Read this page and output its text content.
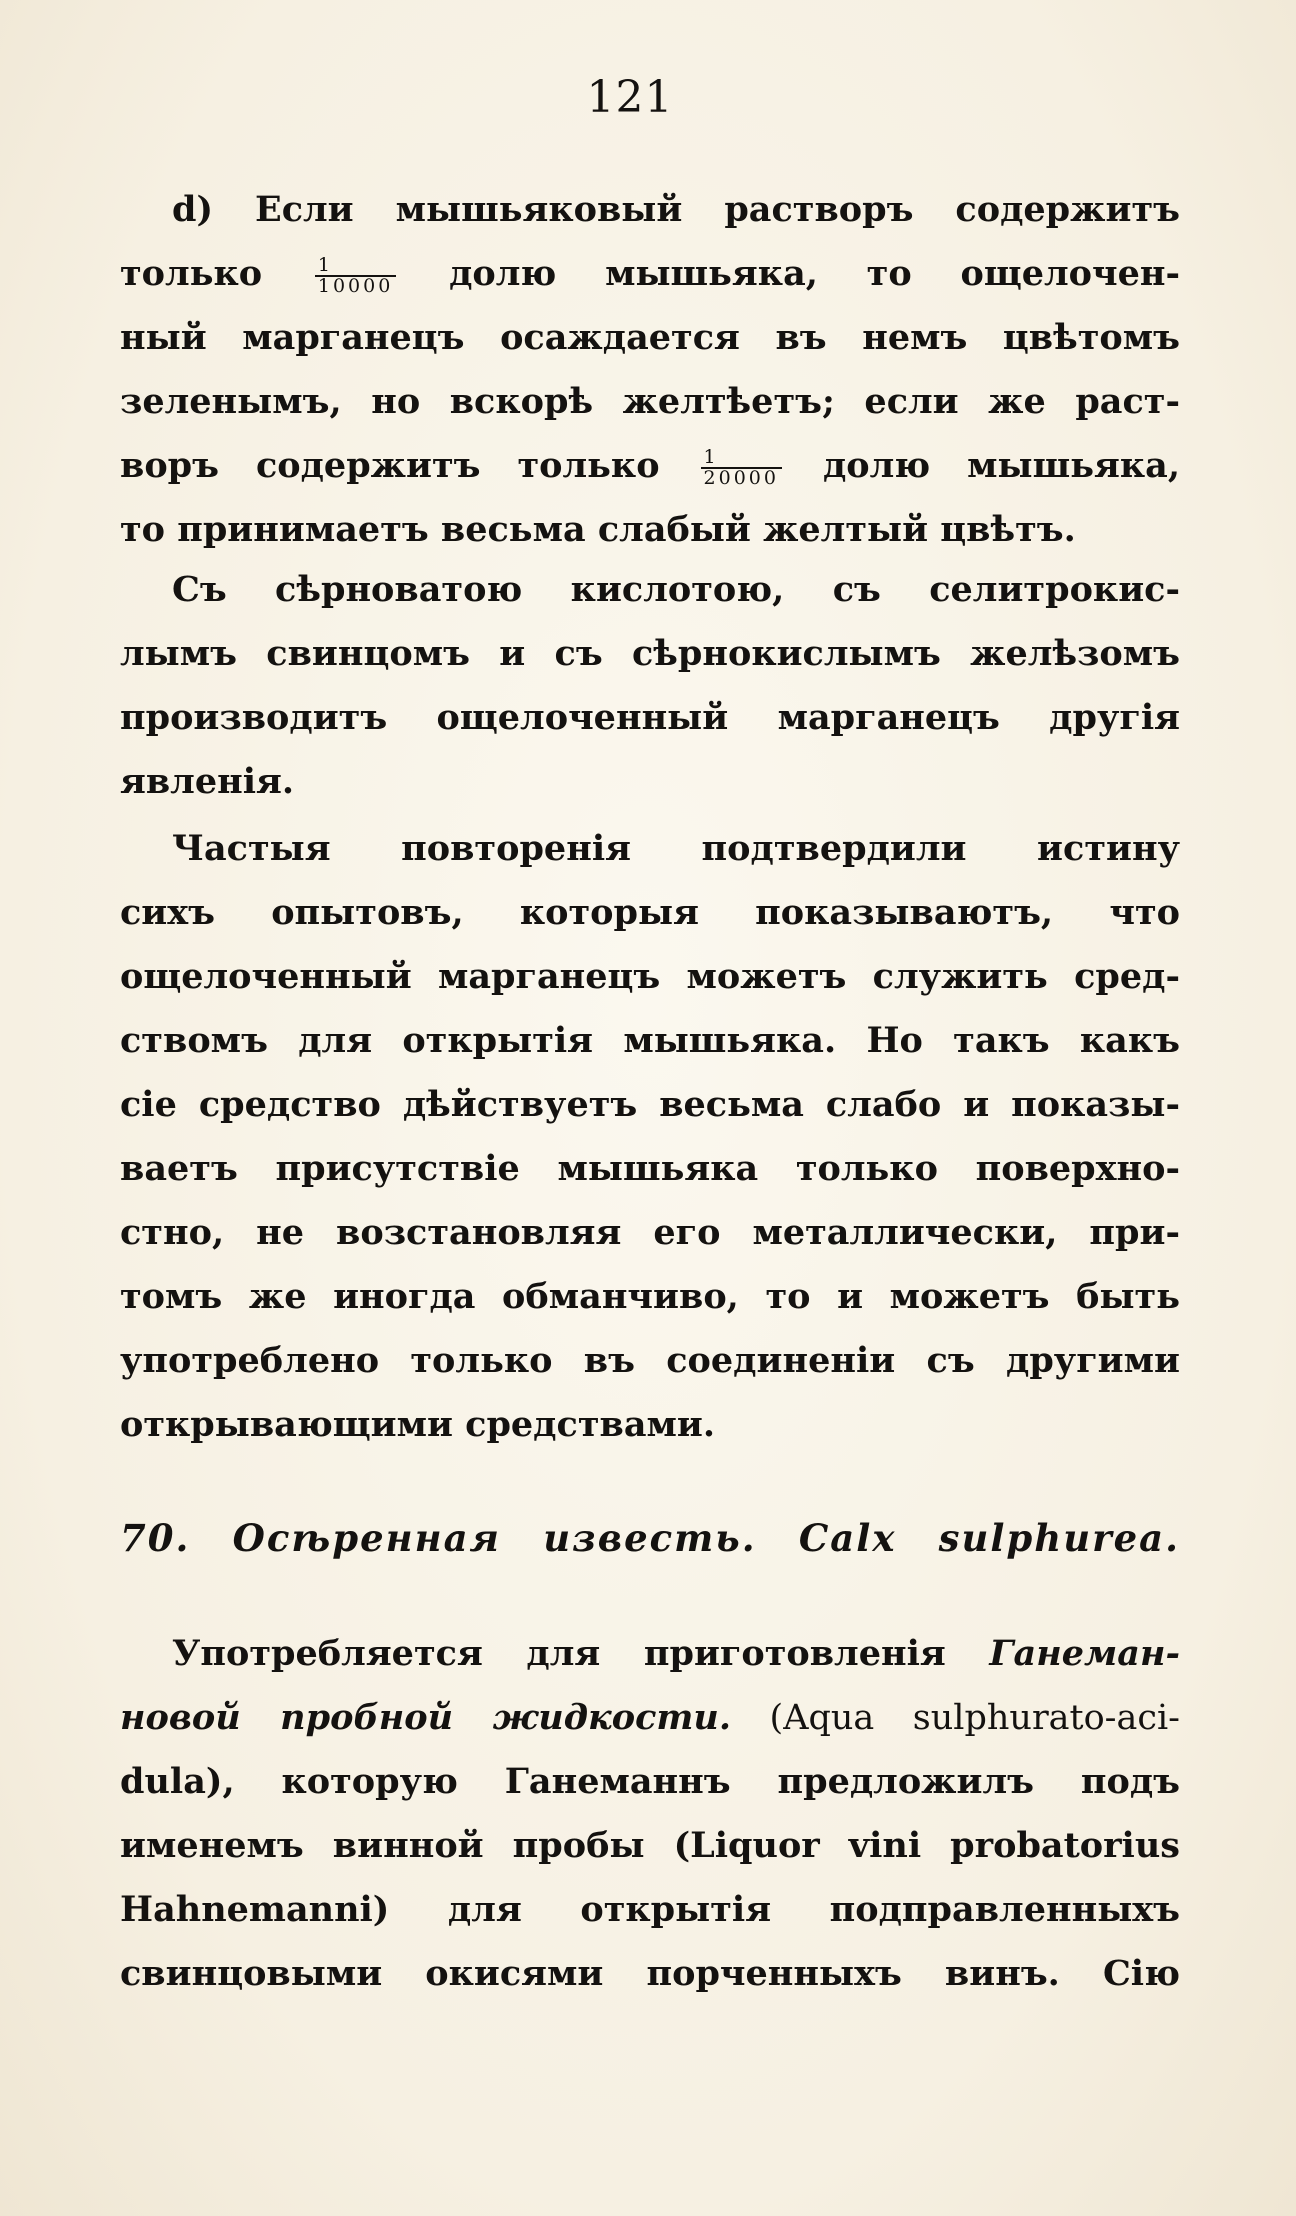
121
d) Если мышьяковый растворъ содержитъ
только	$\frac{1}{10000}$ долю мышьяка, то ощелочен-
ный марганецъ осаждается въ немъ цвѣтомъ
зеленымъ, но вскорѣ желтѣетъ; если же раст-
воръ содержитъ только $\frac{1}{20000}$ долю мышьяка,
то принимаетъ весьма слабый желтый цвѣтъ.
Съ сѣрноватою кислотою, съ селитрокис-
лымъ свинцомъ и съ сѣрнокислымъ желѣзомъ
производитъ ощелоченный марганецъ другія
явленія.
Частыя повторенія подтвердили истину
сихъ опытовъ, которыя показываютъ, что
ощелоченный марганецъ можетъ служить сред-
ствомъ для открытія мышьяка. Но такъ какъ
сіе средство дѣйствуетъ весьма слабо и показы-
ваетъ присутствіе мышьяка только поверхно-
стно, не возстановляя его металлически, при-
томъ же иногда обманчиво, то и можетъ быть
употреблено только въ соединеніи съ другими
открывающими средствами.
70. Осѣренная известь. Calx sulphurea.
Употребляется для приготовленія Ганеман-
новой пробной жидкости. (Aqua sulphurato-aci-
dula), которую Ганеманнъ предложилъ подъ
именемъ винной пробы (Liquor vini probatorius
Hahnemanni) для открытія подправленныхъ
свинцовыми окисями порченныхъ винъ. Сію
